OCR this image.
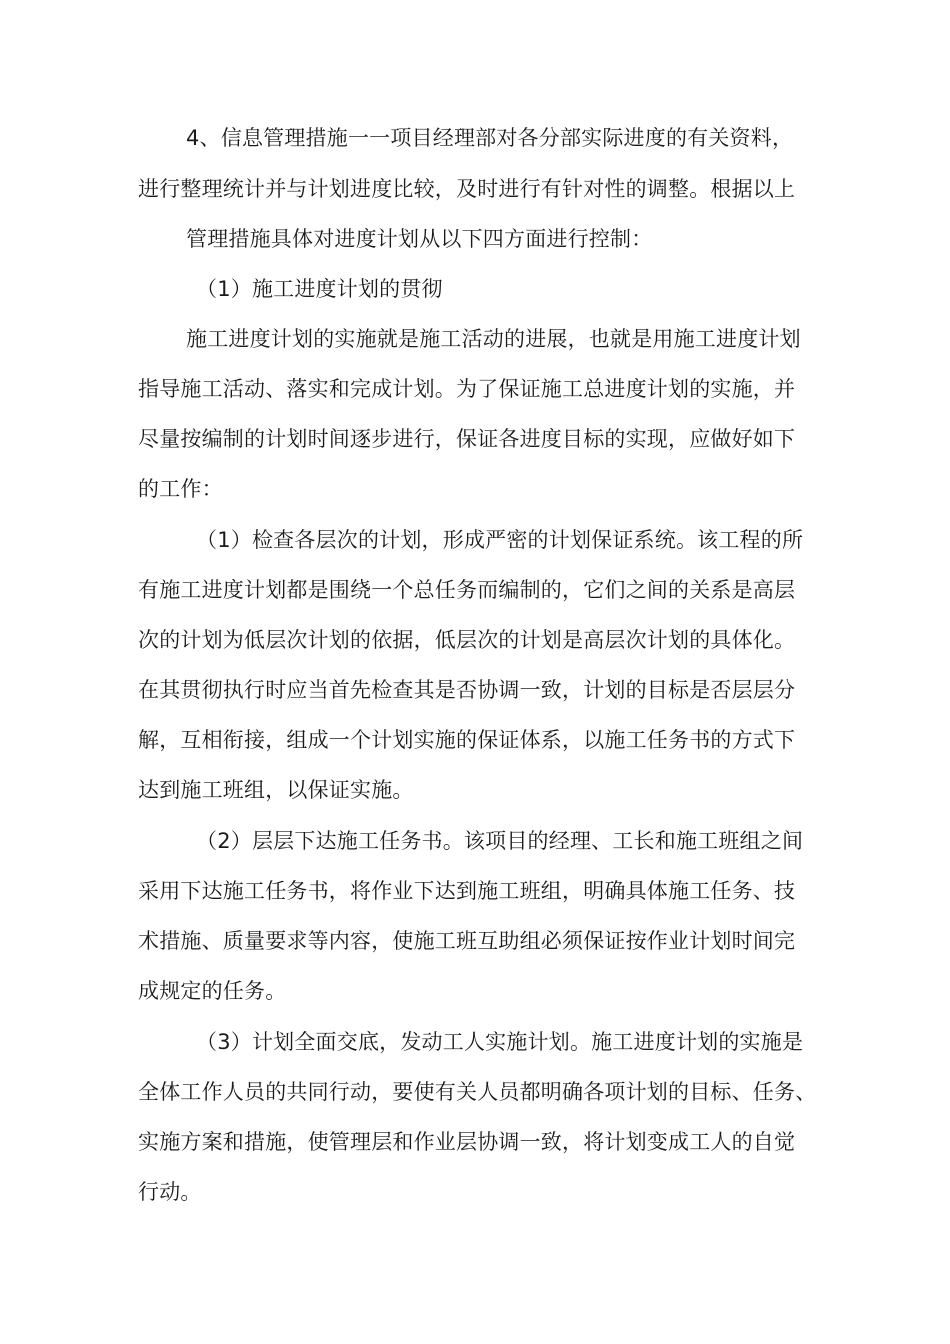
4、信息管理措施一一项目经理部对各分部实际进度的有关资料，

进行整理统计并与计划进度比较，及时进行有针对性的调整。根据以上

管理措施具体对进度计划从以下四方面进行控制：

（1）施工进度计划的贯彻

施工进度计划的实施就是施工活动的进展，也就是用施工进度计划

指导施工活动、落实和完成计划。为了保证施工总进度计划的实施，并

尽量按编制的计划时间逐步进行，保证各进度目标的实现，应做好如下

的工作：

（1）检查各层次的计划，形成严密的计划保证系统。该工程的所

有施工进度计划都是围绕一个总任务而编制的，它们之间的关系是高层

次的计划为低层次计划的依据，低层次的计划是高层次计划的具体化。

在其贯彻执行时应当首先检查其是否协调一致，计划的目标是否层层分

解，互相衔接，组成一个计划实施的保证体系，以施工任务书的方式下

达到施工班组，以保证实施。

（2）层层下达施工任务书。该项目的经理、工长和施工班组之间

采用下达施工任务书，将作业下达到施工班组，明确具体施工任务、技

术措施、质量要求等内容，使施工班互助组必须保证按作业计划时间完

成规定的任务。

（3）计划全面交底，发动工人实施计划。施工进度计划的实施是

全体工作人员的共同行动，要使有关人员都明确各项计划的目标、任务、

实施方案和措施，使管理层和作业层协调一致，将计划变成工人的自觉

行动。
